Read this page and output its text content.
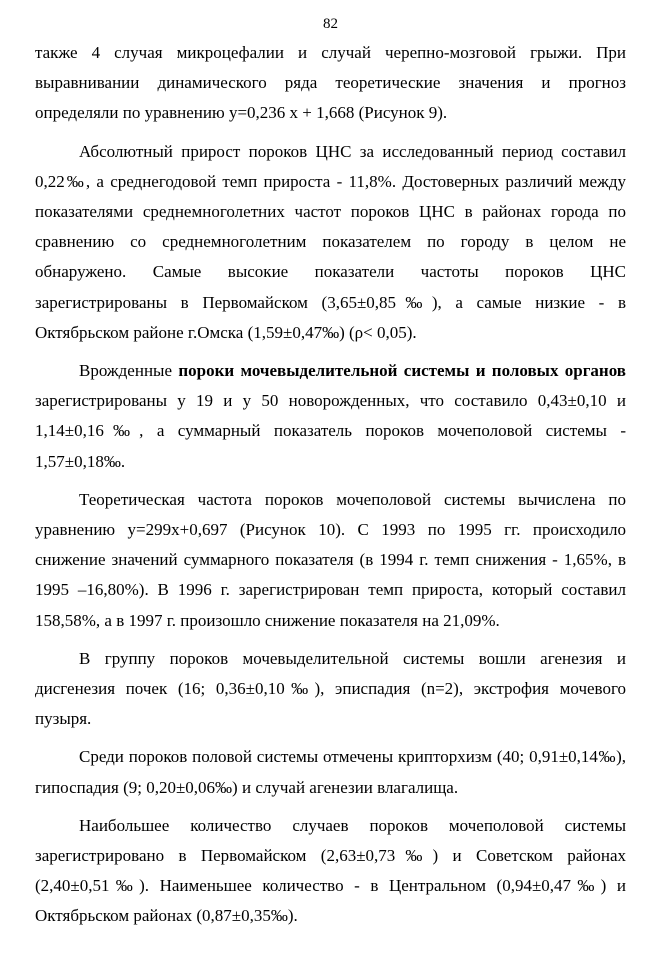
82

также 4 случая микроцефалии и случай черепно-мозговой грыжи. При выравнивании динамического ряда теоретические значения и прогноз определяли по уравнению y=0,236 x + 1,668 (Рисунок 9).

Абсолютный прирост пороков ЦНС за исследованный период составил 0,22‰, а среднегодовой темп прироста - 11,8%. Достоверных различий между показателями среднемноголетних частот пороков ЦНС в районах города по сравнению со среднемноголетним показателем по городу в целом не обнаружено. Самые высокие показатели частоты пороков ЦНС зарегистрированы в Первомайском (3,65±0,85‰), а самые низкие - в Октябрьском районе г.Омска (1,59±0,47‰) (ρ< 0,05).

Врожденные пороки мочевыделительной системы и половых органов зарегистрированы у 19 и у 50 новорожденных, что составило 0,43±0,10 и 1,14±0,16‰, а суммарный показатель пороков мочеполовой системы - 1,57±0,18‰.

Теоретическая частота пороков мочеполовой системы вычислена по уравнению y=299x+0,697 (Рисунок 10). С 1993 по 1995 гг. происходило снижение значений суммарного показателя (в 1994 г. темп снижения - 1,65%, в 1995 –16,80%). В 1996 г. зарегистрирован темп прироста, который составил 158,58%, а в 1997 г. произошло снижение показателя на 21,09%.

В группу пороков мочевыделительной системы вошли агенезия и дисгенезия почек (16; 0,36±0,10‰), эписпадия (n=2), экстрофия мочевого пузыря.

Среди пороков половой системы отмечены крипторхизм (40; 0,91±0,14‰), гипоспадия (9; 0,20±0,06‰) и случай агенезии влагалища.

Наибольшее количество случаев пороков мочеполовой системы зарегистрировано в Первомайском (2,63±0,73‰) и Советском районах (2,40±0,51‰). Наименьшее количество - в Центральном (0,94±0,47‰) и Октябрьском районах (0,87±0,35‰).
